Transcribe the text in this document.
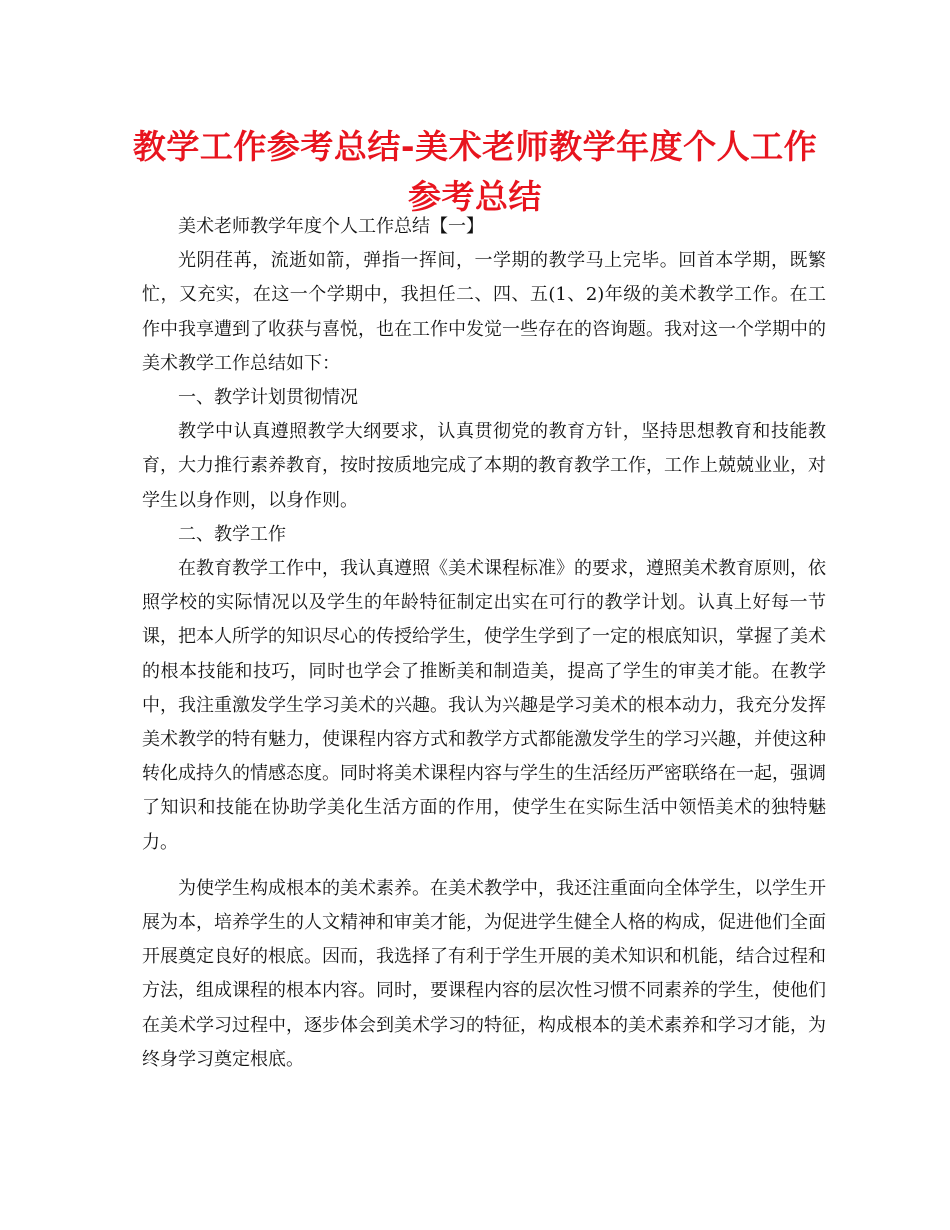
教学工作参考总结-美术老师教学年度个人工作参考总结

美术老师教学年度个人工作总结【一】

光阴荏苒，流逝如箭，弹指一挥间，一学期的教学马上完毕。回首本学期，既繁忙，又充实，在这一个学期中，我担任二、四、五(1、2)年级的美术教学工作。在工作中我享遭到了收获与喜悦，也在工作中发觉一些存在的咨询题。我对这一个学期中的美术教学工作总结如下：

一、教学计划贯彻情况

教学中认真遵照教学大纲要求，认真贯彻党的教育方针，坚持思想教育和技能教育，大力推行素养教育，按时按质地完成了本期的教育教学工作，工作上兢兢业业，对学生以身作则，以身作则。

二、教学工作

在教育教学工作中，我认真遵照《美术课程标准》的要求，遵照美术教育原则，依照学校的实际情况以及学生的年龄特征制定出实在可行的教学计划。认真上好每一节课，把本人所学的知识尽心的传授给学生，使学生学到了一定的根底知识，掌握了美术的根本技能和技巧，同时也学会了推断美和制造美，提高了学生的审美才能。在教学中，我注重激发学生学习美术的兴趣。我认为兴趣是学习美术的根本动力，我充分发挥美术教学的特有魅力，使课程内容方式和教学方式都能激发学生的学习兴趣，并使这种转化成持久的情感态度。同时将美术课程内容与学生的生活经历严密联络在一起，强调了知识和技能在协助学美化生活方面的作用，使学生在实际生活中领悟美术的独特魅力。

为使学生构成根本的美术素养。在美术教学中，我还注重面向全体学生，以学生开展为本，培养学生的人文精神和审美才能，为促进学生健全人格的构成，促进他们全面开展奠定良好的根底。因而，我选择了有利于学生开展的美术知识和机能，结合过程和方法，组成课程的根本内容。同时，要课程内容的层次性习惯不同素养的学生，使他们在美术学习过程中，逐步体会到美术学习的特征，构成根本的美术素养和学习才能，为终身学习奠定根底。
